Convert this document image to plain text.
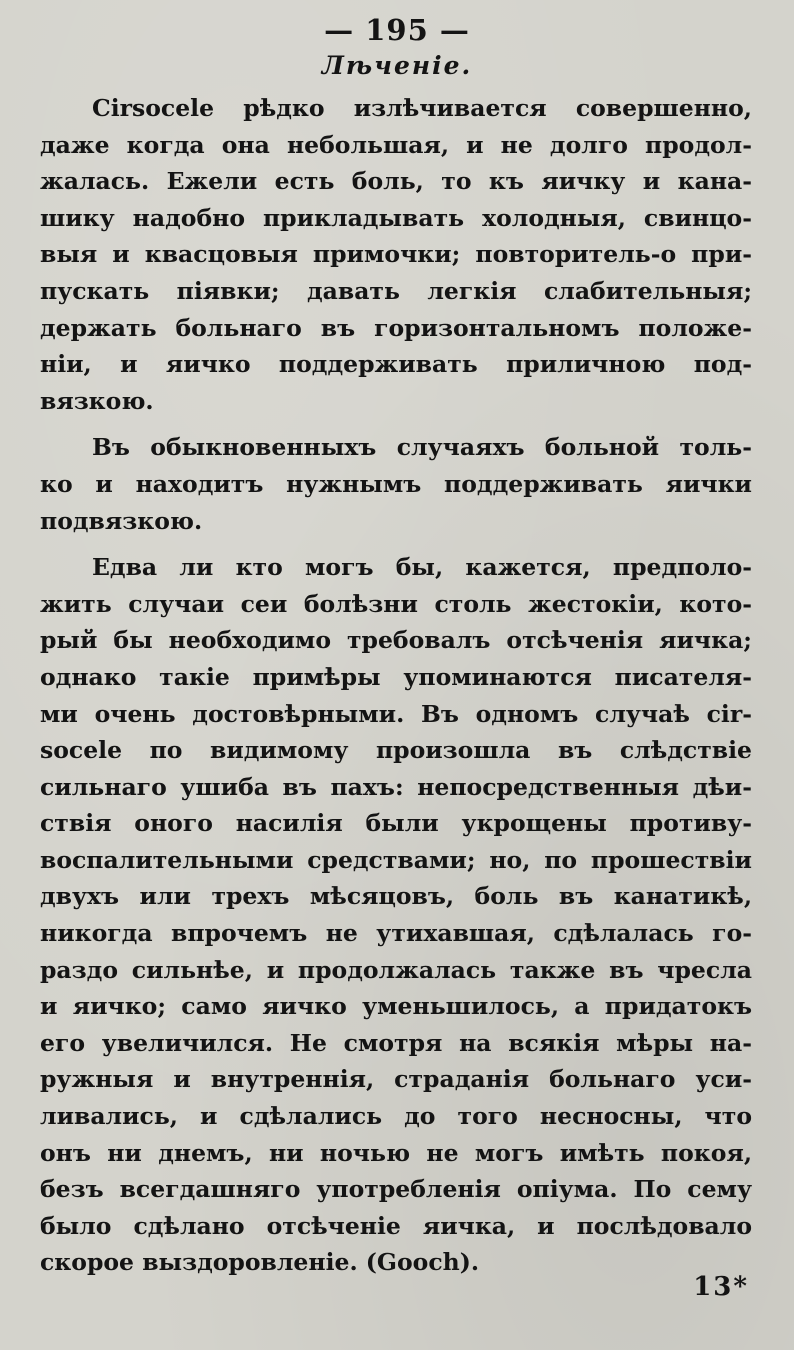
— 195 —
Лѣченiе.
Cirsocele рѣдко излѣчивается совершенно,
даже когда она небольшая, и не долго продол-
жалась. Ежели есть боль, то къ яичку и кана-
шику надобно прикладывать холодныя, свинцо-
выя и квасцовыя примочки; повторитель-о при-
пускать пiявки; давать легкiя слабительныя;
держать больнаго въ горизонтальномъ положе-
нiи, и яичко поддерживать приличною под-
вязкою.
Въ обыкновенныхъ случаяхъ больной толь-
ко и находитъ нужнымъ поддерживать яички
подвязкою.
Едва ли кто могъ бы, кажется, предполо-
жить случаи сеи болѣзни столь жестокiи, кото-
рый бы необходимо требовалъ отсѣченiя яичка;
однако такiе примѣры упоминаются писателя-
ми очень достовѣрными. Въ одномъ случаѣ cir-
socele по видимому произошла въ слѣдствiе
сильнаго ушиба въ пахъ: непосредственныя дѣи-
ствiя оного насилiя были укрощены противу-
воспалительными средствами; но, по прошествiи
двухъ или трехъ мѣсяцовъ, боль въ канатикѣ,
никогда впрочемъ не утихавшая, сдѣлалась го-
раздо сильнѣе, и продолжалась также въ чресла
и яичко; само яичко уменьшилось, а придатокъ
его увеличился. Не смотря на всякiя мѣры на-
ружныя и внутреннiя, страданiя больнаго уси-
ливались, и сдѣлались до того несносны, что
онъ ни днемъ, ни ночью не могъ имѣть покоя,
безъ всегдашняго употребленiя опiума. По сему
было сдѣлано отсѣченiе яичка, и послѣдовало
скорое выздоровленiе. (Gooch).
13*
